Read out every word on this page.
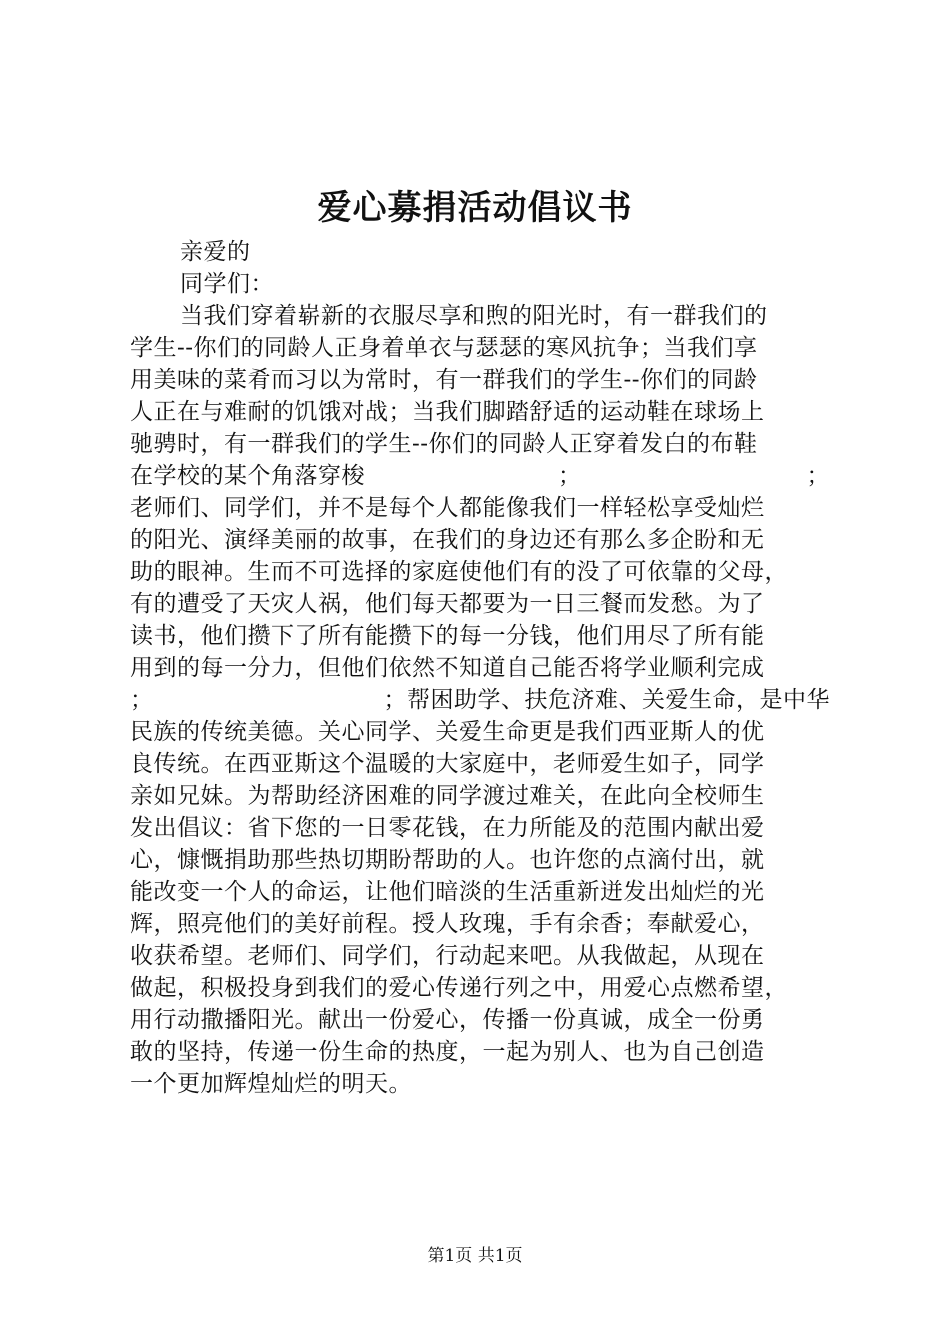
爱心募捐活动倡议书
亲爱的
同学们：
当我们穿着崭新的衣服尽享和煦的阳光时，有一群我们的
学生--你们的同龄人正身着单衣与瑟瑟的寒风抗争；当我们享
用美味的菜肴而习以为常时，有一群我们的学生--你们的同龄
人正在与难耐的饥饿对战；当我们脚踏舒适的运动鞋在球场上
驰骋时，有一群我们的学生--你们的同龄人正穿着发白的布鞋
在学校的某个角落穿梭	；	；
老师们、同学们，并不是每个人都能像我们一样轻松享受灿烂
的阳光、演绎美丽的故事，在我们的身边还有那么多企盼和无
助的眼神。生而不可选择的家庭使他们有的没了可依靠的父母，
有的遭受了天灾人祸，他们每天都要为一日三餐而发愁。为了
读书，他们攒下了所有能攒下的每一分钱，他们用尽了所有能
用到的每一分力，但他们依然不知道自己能否将学业顺利完成
；	；帮困助学、扶危济难、关爱生命，是中华
民族的传统美德。关心同学、关爱生命更是我们西亚斯人的优
良传统。在西亚斯这个温暖的大家庭中，老师爱生如子，同学
亲如兄妹。为帮助经济困难的同学渡过难关，在此向全校师生
发出倡议：省下您的一日零花钱，在力所能及的范围内献出爱
心，慷慨捐助那些热切期盼帮助的人。也许您的点滴付出，就
能改变一个人的命运，让他们暗淡的生活重新迸发出灿烂的光
辉，照亮他们的美好前程。授人玫瑰，手有余香；奉献爱心，
收获希望。老师们、同学们，行动起来吧。从我做起，从现在
做起，积极投身到我们的爱心传递行列之中，用爱心点燃希望，
用行动撒播阳光。献出一份爱心，传播一份真诚，成全一份勇
敢的坚持，传递一份生命的热度，一起为别人、也为自己创造
一个更加辉煌灿烂的明天。
第1页 共1页
